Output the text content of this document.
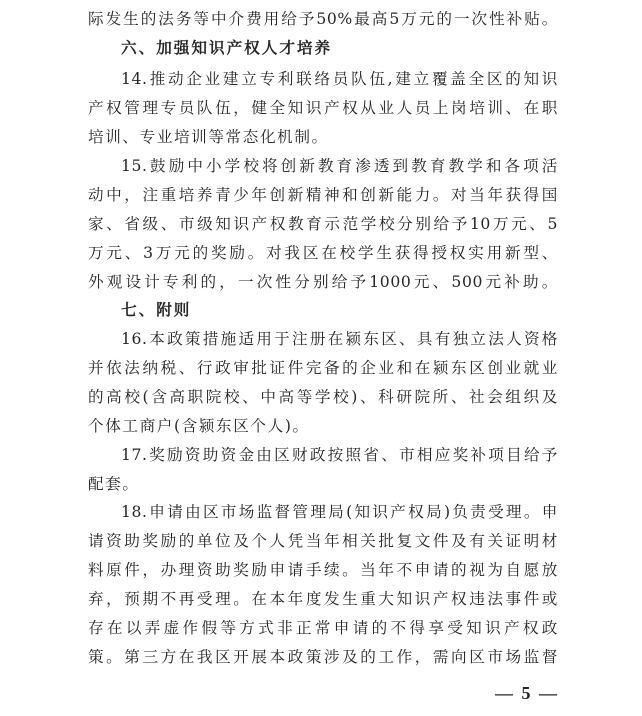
际发生的法务等中介费用给予50%最高5万元的一次性补贴。
六、加强知识产权人才培养
14.推动企业建立专利联络员队伍,建立覆盖全区的知识
产权管理专员队伍，健全知识产权从业人员上岗培训、在职
培训、专业培训等常态化机制。
15.鼓励中小学校将创新教育渗透到教育教学和各项活
动中，注重培养青少年创新精神和创新能力。对当年获得国
家、省级、市级知识产权教育示范学校分别给予10万元、5
万元、3万元的奖励。对我区在校学生获得授权实用新型、
外观设计专利的，一次性分别给予1000元、500元补助。
七、附则
16.本政策措施适用于注册在颍东区、具有独立法人资格
并依法纳税、行政审批证件完备的企业和在颍东区创业就业
的高校(含高职院校、中高等学校)、科研院所、社会组织及
个体工商户(含颍东区个人)。
17.奖励资助资金由区财政按照省、市相应奖补项目给予
配套。
18.申请由区市场监督管理局(知识产权局)负责受理。申
请资助奖励的单位及个人凭当年相关批复文件及有关证明材
料原件，办理资助奖励申请手续。当年不申请的视为自愿放
弃，预期不再受理。在本年度发生重大知识产权违法事件或
存在以弄虚作假等方式非正常申请的不得享受知识产权政
策。第三方在我区开展本政策涉及的工作，需向区市场监督
— 5 —
